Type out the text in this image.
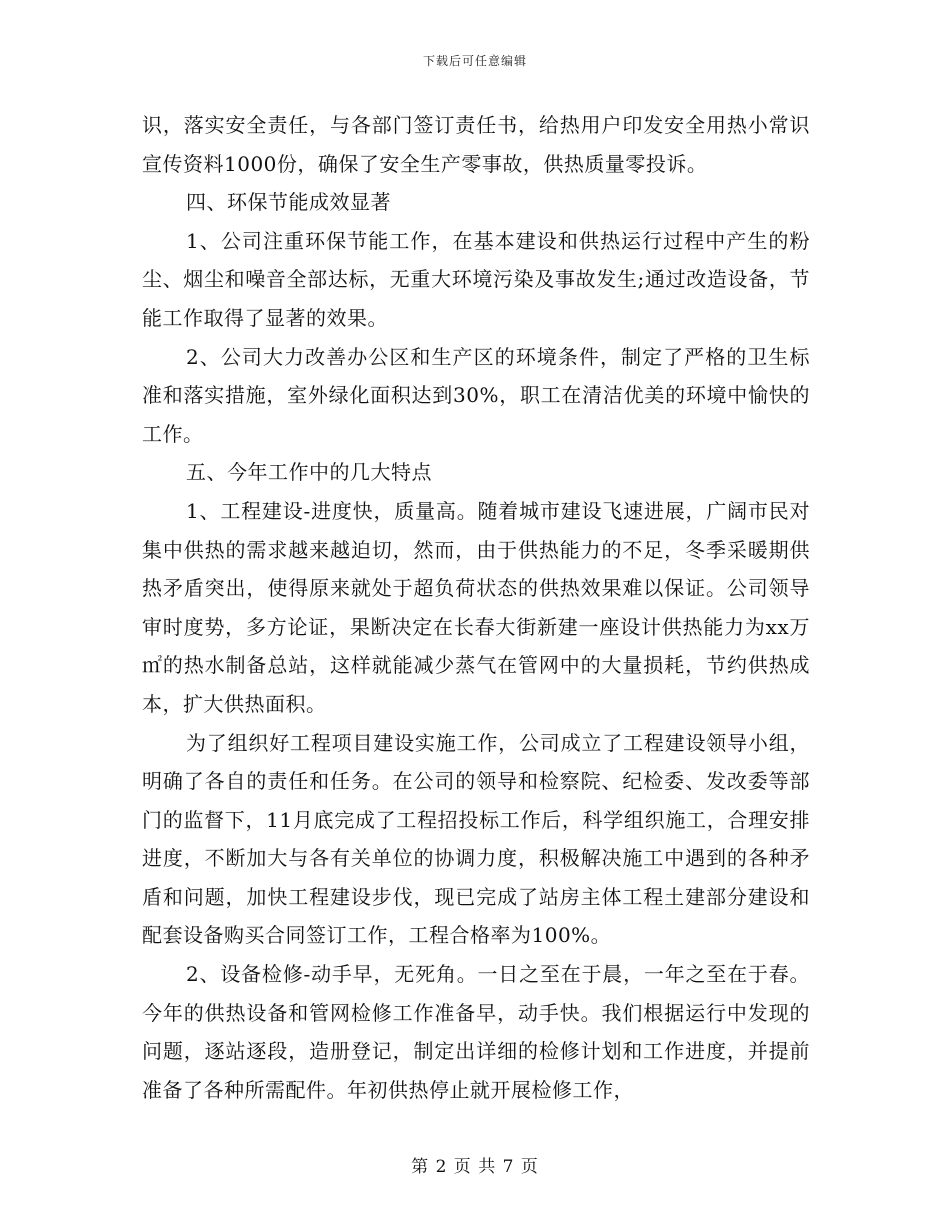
下载后可任意编辑

识，落实安全责任，与各部门签订责任书，给热用户印发安全用热小常识宣传资料1000份，确保了安全生产零事故，供热质量零投诉。

四、环保节能成效显著

1、公司注重环保节能工作，在基本建设和供热运行过程中产生的粉尘、烟尘和噪音全部达标，无重大环境污染及事故发生;通过改造设备，节能工作取得了显著的效果。

2、公司大力改善办公区和生产区的环境条件，制定了严格的卫生标准和落实措施，室外绿化面积达到30%，职工在清洁优美的环境中愉快的工作。

五、今年工作中的几大特点

1、工程建设-进度快，质量高。随着城市建设飞速进展，广阔市民对集中供热的需求越来越迫切，然而，由于供热能力的不足，冬季采暖期供热矛盾突出，使得原来就处于超负荷状态的供热效果难以保证。公司领导审时度势，多方论证，果断决定在长春大街新建一座设计供热能力为xx万㎡的热水制备总站，这样就能减少蒸气在管网中的大量损耗，节约供热成本，扩大供热面积。

为了组织好工程项目建设实施工作，公司成立了工程建设领导小组，明确了各自的责任和任务。在公司的领导和检察院、纪检委、发改委等部门的监督下，11月底完成了工程招投标工作后，科学组织施工，合理安排进度，不断加大与各有关单位的协调力度，积极解决施工中遇到的各种矛盾和问题，加快工程建设步伐，现已完成了站房主体工程土建部分建设和配套设备购买合同签订工作，工程合格率为100%。

2、设备检修-动手早，无死角。一日之至在于晨，一年之至在于春。今年的供热设备和管网检修工作准备早，动手快。我们根据运行中发现的问题，逐站逐段，造册登记，制定出详细的检修计划和工作进度，并提前准备了各种所需配件。年初供热停止就开展检修工作，

第 2 页 共 7 页
